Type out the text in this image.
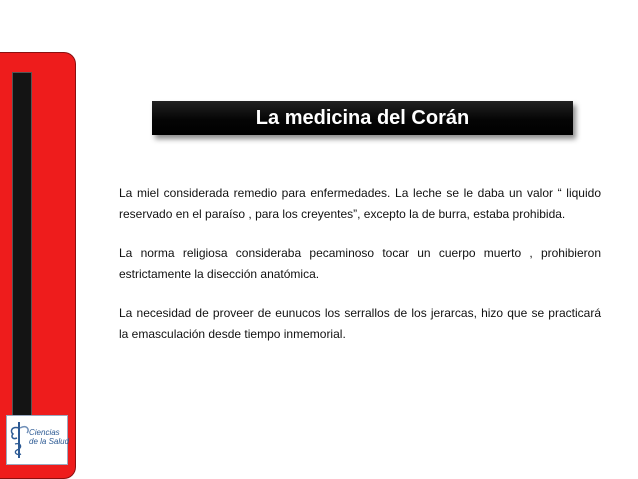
Ciencias
de la Salud
La medicina del Corán

La miel considerada remedio para enfermedades. La leche se le daba un valor “ liquido reservado en el paraíso , para los creyentes”, excepto la de burra, estaba prohibida.

La norma religiosa consideraba pecaminoso tocar un cuerpo muerto , prohibieron estrictamente la disección anatómica.

La necesidad de proveer de eunucos los serrallos de los jerarcas, hizo que se practicará la emasculación desde tiempo inmemorial.
